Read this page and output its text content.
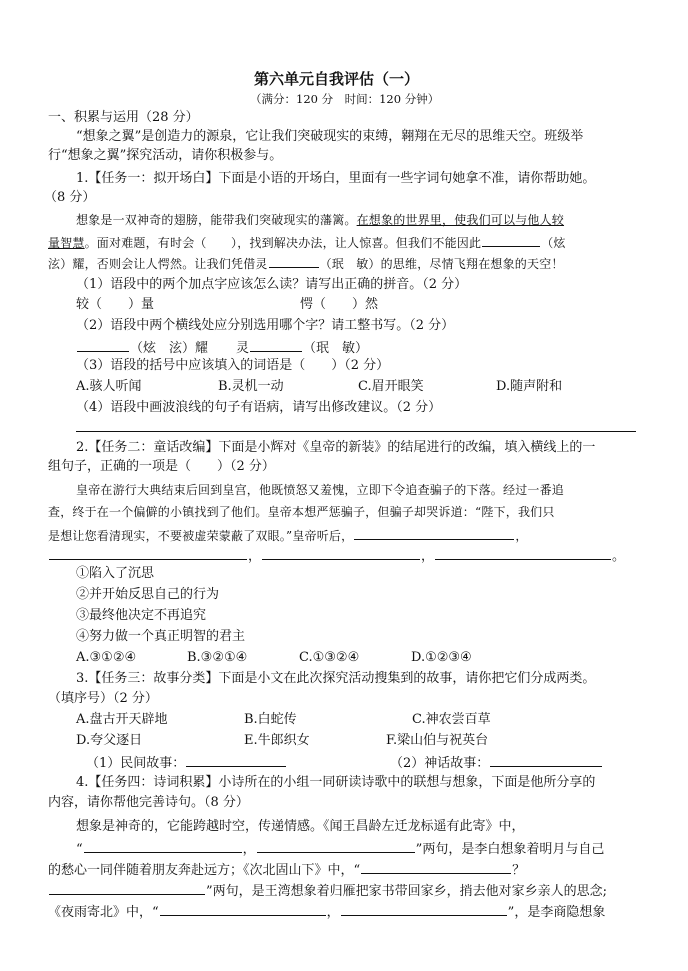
第六单元自我评估（一）
（满分：120 分　时间：120 分钟）
一、积累与运用（28 分）
“想象之翼”是创造力的源泉，它让我们突破现实的束缚，翱翔在无尽的思维天空。班级举
行“想象之翼”探究活动，请你积极参与。
1.【任务一：拟开场白】下面是小语的开场白，里面有一些字词句她拿不准，请你帮助她。
（8 分）
想象是一双神奇的翅膀，能带我们突破现实的藩篱。在想象的世界里，使我们可以与他人较
量智慧。面对难题，有时会（　　），找到解决办法，让人惊喜。但我们不能因此	（炫
泫）耀，否则会让人愕然。让我们凭借灵	（珉　敏）的思维，尽情飞翔在想象的天空！
（1）语段中的两个加点字应该怎么读？请写出正确的拼音。（2 分）
较（　　）量	愕（　　）然
（2）语段中两个横线处应分别选用哪个字？请工整书写。（2 分）
（炫　泫）耀 灵	（珉　敏）
（3）语段的括号中应该填入的词语是（　　）（2 分）
A.骇人听闻	B.灵机一动	C.眉开眼笑	D.随声附和
（4）语段中画波浪线的句子有语病，请写出修改建议。（2 分）
2.【任务二：童话改编】下面是小辉对《皇帝的新装》的结尾进行的改编，填入横线上的一
组句子，正确的一项是（　　）（2 分）
皇帝在游行大典结束后回到皇宫，他既愤怒又羞愧，立即下令追查骗子的下落。经过一番追
查，终于在一个偏僻的小镇找到了他们。皇帝本想严惩骗子，但骗子却哭诉道：“陛下，我们只
是想让您看清现实，不要被虚荣蒙蔽了双眼。”皇帝听后，	，
，	，	。
①陷入了沉思
②并开始反思自己的行为
③最终他决定不再追究
④努力做一个真正明智的君主
A.③①②④	B.③②①④	C.①③②④	D.①②③④
3.【任务三：故事分类】下面是小文在此次探究活动搜集到的故事，请你把它们分成两类。
（填序号）（2 分）
A.盘古开天辟地	B.白蛇传	C.神农尝百草
D.夸父逐日	E.牛郎织女	F.梁山伯与祝英台
（1）民间故事：	（2）神话故事：
4.【任务四：诗词积累】小诗所在的小组一同研读诗歌中的联想与想象，下面是他所分享的
内容，请你帮他完善诗句。（8 分）
想象是神奇的，它能跨越时空，传递情感。《闻王昌龄左迁龙标遥有此寄》中，
“	，	”两句，是李白想象着明月与自己
的愁心一同伴随着朋友奔赴远方；《次北固山下》中，“	？
”两句，是王湾想象着归雁把家书带回家乡，捎去他对家乡亲人的思念;
《夜雨寄北》中，“	，	”，是李商隐想象
